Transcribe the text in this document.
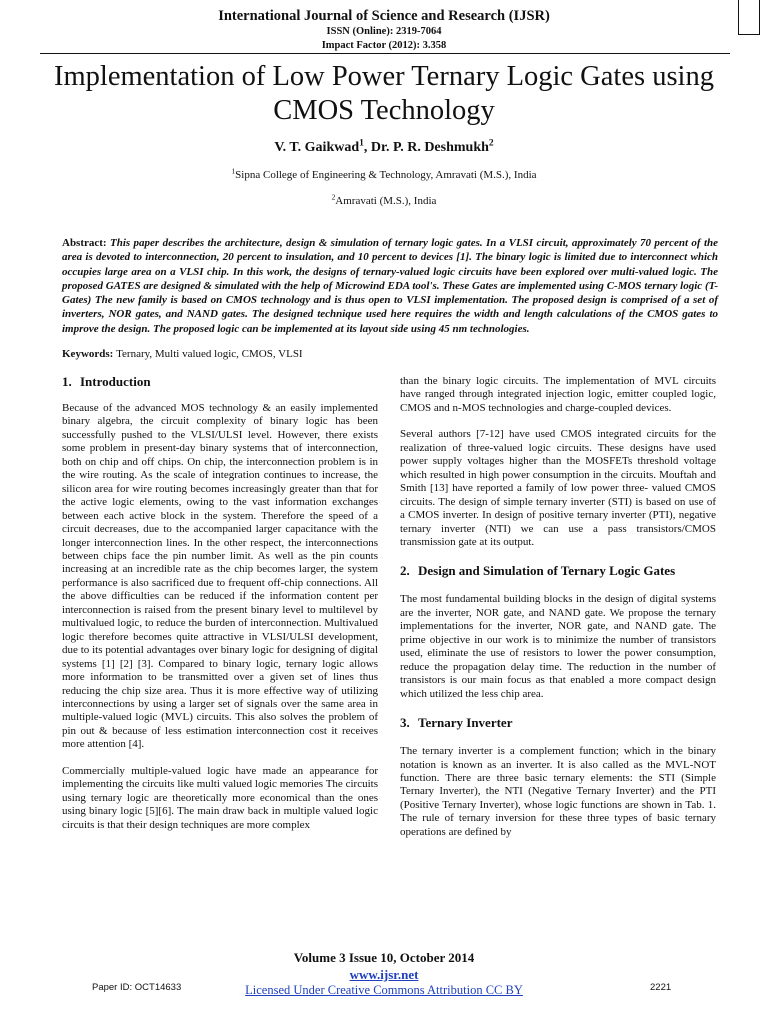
International Journal of Science and Research (IJSR)
ISSN (Online): 2319-7064
Impact Factor (2012): 3.358
Implementation of Low Power Ternary Logic Gates using CMOS Technology
V. T. Gaikwad$^1$, Dr. P. R. Deshmukh$^2$
$^1$Sipna College of Engineering & Technology, Amravati (M.S.), India
$^2$Amravati (M.S.), India
Abstract: This paper describes the architecture, design & simulation of ternary logic gates. In a VLSI circuit, approximately 70 percent of the area is devoted to interconnection, 20 percent to insulation, and 10 percent to devices [1]. The binary logic is limited due to interconnect which occupies large area on a VLSI chip. In this work, the designs of ternary-valued logic circuits have been explored over multi-valued logic. The proposed GATES are designed & simulated with the help of Microwind EDA tool's. These Gates are implemented using C-MOS ternary logic (T-Gates) The new family is based on CMOS technology and is thus open to VLSI implementation. The proposed design is comprised of a set of inverters, NOR gates, and NAND gates. The designed technique used here requires the width and length calculations of the CMOS gates to improve the design. The proposed logic can be implemented at its layout side using 45 nm technologies.
Keywords: Ternary, Multi valued logic, CMOS, VLSI
1. Introduction

Because of the advanced MOS technology & an easily implemented binary algebra, the circuit complexity of binary logic has been successfully pushed to the VLSI/ULSI level. However, there exists some problem in present-day binary systems that of interconnection, both on chip and off chips. On chip, the interconnection problem is in the wire routing. As the scale of integration continues to increase, the silicon area for wire routing becomes increasingly greater than that for the active logic elements, owing to the vast information exchanges between each active block in the system. Therefore the speed of a circuit decreases, due to the accompanied larger capacitance with the longer interconnection lines. In the other respect, the interconnections between chips face the pin number limit. As well as the pin counts increasing at an incredible rate as the chip becomes larger, the system performance is also sacrificed due to frequent off-chip connections. All the above difficulties can be reduced if the information content per interconnection is raised from the present binary level to multilevel by multivalued logic, to reduce the burden of interconnection. Multivalued logic therefore becomes quite attractive in VLSI/ULSI development, due to its potential advantages over binary logic for designing of digital systems [1] [2] [3]. Compared to binary logic, ternary logic allows more information to be transmitted over a given set of lines thus reducing the chip size area. Thus it is more effective way of utilizing interconnections by using a larger set of signals over the same area in multiple-valued logic (MVL) circuits. This also solves the problem of pin out & because of less estimation interconnection cost it receives more attention [4].

Commercially multiple-valued logic have made an appearance for implementing the circuits like multi valued logic memories The circuits using ternary logic are theoretically more economical than the ones using binary logic [5][6]. The main draw back in multiple valued logic circuits is that their design techniques are more complex

than the binary logic circuits. The implementation of MVL circuits have ranged through integrated injection logic, emitter coupled logic, CMOS and n-MOS technologies and charge-coupled devices.

Several authors [7-12] have used CMOS integrated circuits for the realization of three-valued logic circuits. These designs have used power supply voltages higher than the MOSFETs threshold voltage which resulted in high power consumption in the circuits. Mouftah and Smith [13] have reported a family of low power three- valued CMOS circuits. The design of simple ternary inverter (STI) is based on use of a CMOS inverter. In design of positive ternary inverter (PTI), negative ternary inverter (NTI) we can use a pass transistors/CMOS transmission gate at its output.

2. Design and Simulation of Ternary Logic Gates

The most fundamental building blocks in the design of digital systems are the inverter, NOR gate, and NAND gate. We propose the ternary implementations for the inverter, NOR gate, and NAND gate. The prime objective in our work is to minimize the number of transistors used, eliminate the use of resistors to lower the power consumption, reduce the propagation delay time. The reduction in the number of transistors is our main focus as that enabled a more compact design which utilized the less chip area.

3. Ternary Inverter

The ternary inverter is a complement function; which in the binary notation is known as an inverter. It is also called as the MVL-NOT function. There are three basic ternary elements: the STI (Simple Ternary Inverter), the NTI (Negative Ternary Inverter) and the PTI (Positive Ternary Inverter), whose logic functions are shown in Tab. 1. The rule of ternary inversion for these three types of basic ternary operations are defined by

Volume 3 Issue 10, October 2014
www.ijsr.net
Licensed Under Creative Commons Attribution CC BY
Paper ID: OCT14633	2221
